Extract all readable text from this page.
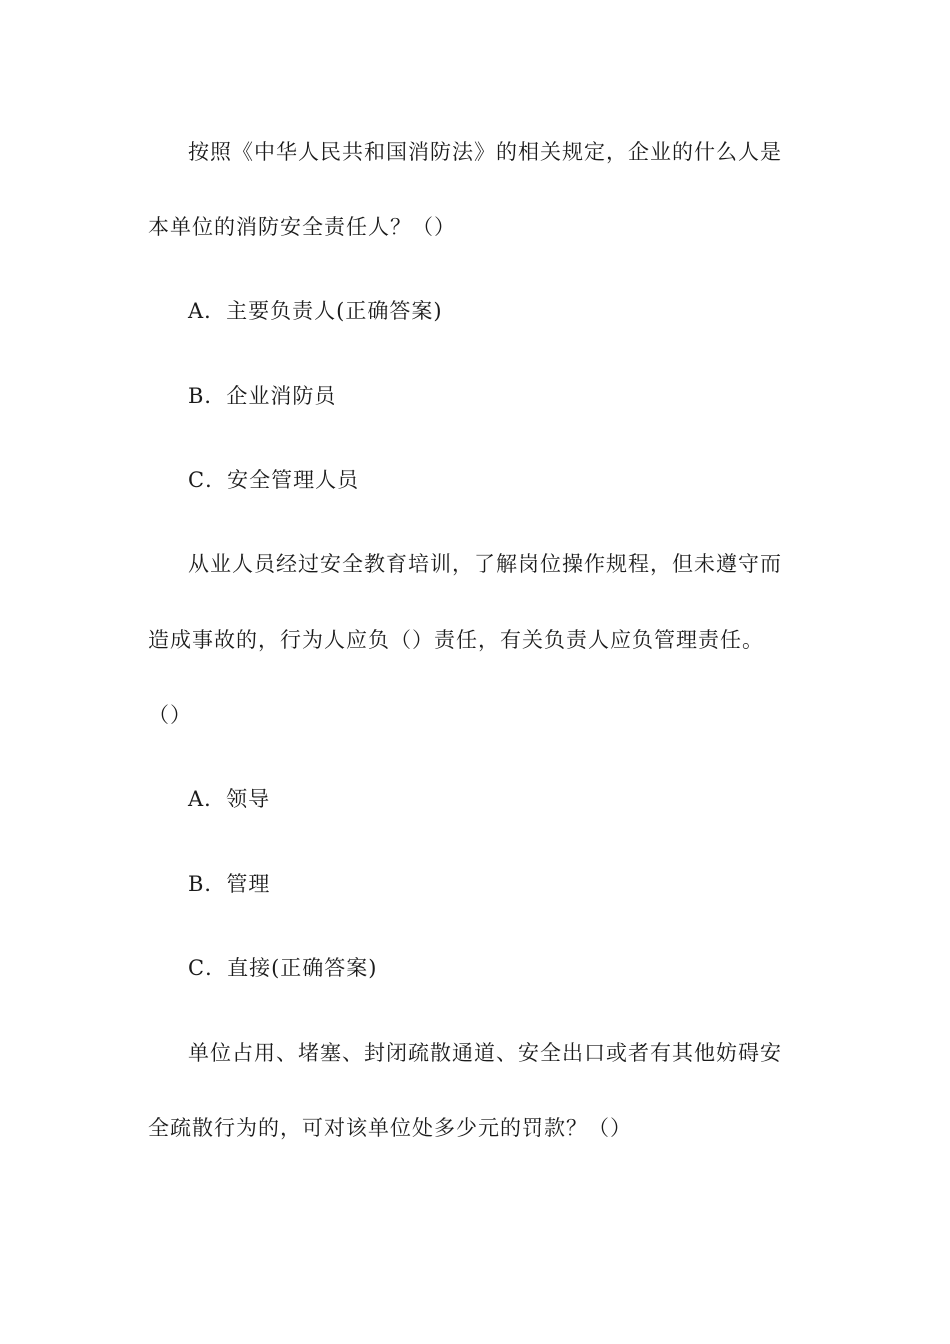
按照《中华人民共和国消防法》的相关规定，企业的什么人是
本单位的消防安全责任人？（）
A．主要负责人(正确答案)
B．企业消防员
C．安全管理人员
从业人员经过安全教育培训，了解岗位操作规程，但未遵守而
造成事故的，行为人应负（）责任，有关负责人应负管理责任。
（）
A．领导
B．管理
C．直接(正确答案)
单位占用、堵塞、封闭疏散通道、安全出口或者有其他妨碍安
全疏散行为的，可对该单位处多少元的罚款？（）
